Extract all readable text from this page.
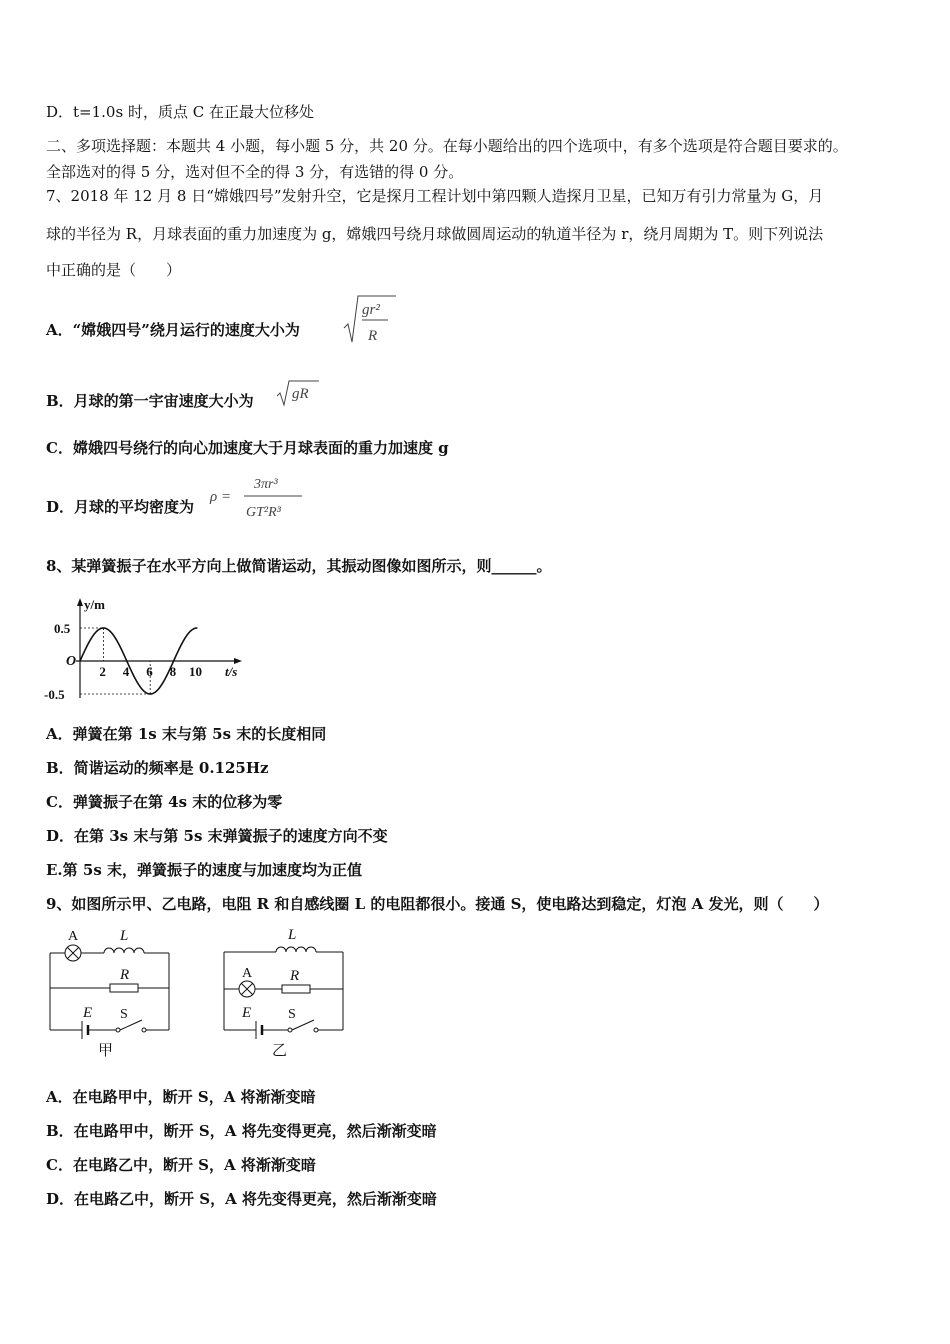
D．t=1.0s 时，质点 C 在正最大位移处
二、多项选择题：本题共 4 小题，每小题 5 分，共 20 分。在每小题给出的四个选项中，有多个选项是符合题目要求的。
全部选对的得 5 分，选对但不全的得 3 分，有选错的得 0 分。
7、2018 年 12 月 8 日“嫦娥四号”发射升空，它是探月工程计划中第四颗人造探月卫星，已知万有引力常量为 G，月
球的半径为 R，月球表面的重力加速度为 g，嫦娥四号绕月球做圆周运动的轨道半径为 r，绕月周期为 T。则下列说法
中正确的是（　　）
A．“嫦娥四号”绕月运行的速度大小为
gr²
R
B．月球的第一宇宙速度大小为	gR
C．嫦娥四号绕行的向心加速度大于月球表面的重力加速度 g
D．月球的平均密度为
ρ =
3πr³
GT²R³
8、某弹簧振子在水平方向上做简谐运动，其振动图像如图所示，则______。
y/m
t/s
O
2 4 6 8 10
0.5
-0.5
A．弹簧在第 1s 末与第 5s 末的长度相同
B．简谐运动的频率是 0.125Hz
C．弹簧振子在第 4s 末的位移为零
D．在第 3s 末与第 5s 末弹簧振子的速度方向不变
E.第 5s 末，弹簧振子的速度与加速度均为正值
9、如图所示甲、乙电路，电阻 R 和自感线圈 L 的电阻都很小。接通 S，使电路达到稳定，灯泡 A 发光，则（　　）
A	L
R
E S
甲
L
A	R
E	S
乙
A．在电路甲中，断开 S，A 将渐渐变暗
B．在电路甲中，断开 S，A 将先变得更亮，然后渐渐变暗
C．在电路乙中，断开 S，A 将渐渐变暗
D．在电路乙中，断开 S，A 将先变得更亮，然后渐渐变暗
